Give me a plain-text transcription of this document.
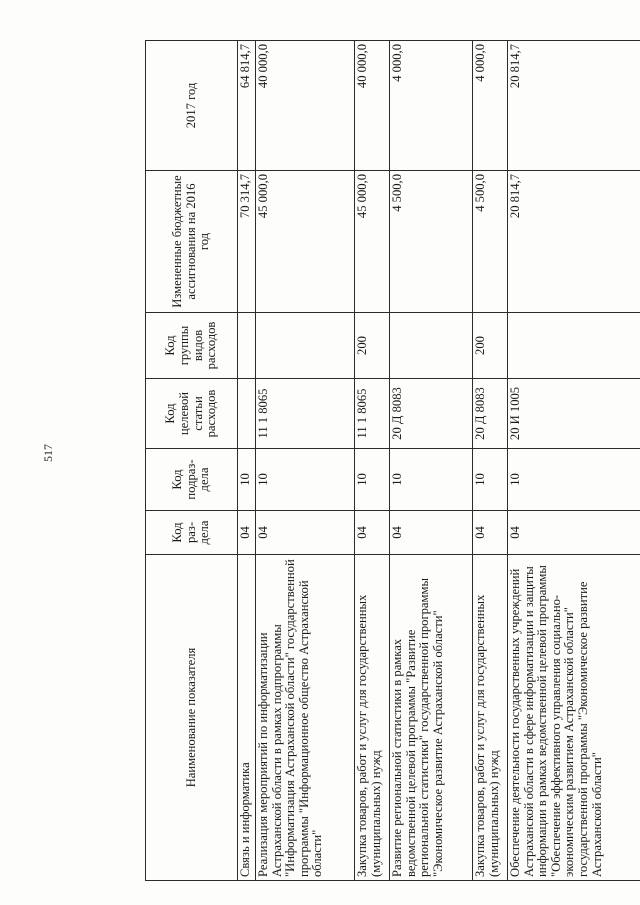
517
Наименование показателя	Код раз-дела	Код подраз-дела	Код целевой статьи расходов	Код группы видов расходов	Измененные бюджетные ассигнования на 2016 год	2017 год
Связь и информатика	04	10			70 314,7	64 814,7
Реализация мероприятий по информатизации Астраханской области в рамках подпрограммы "Информатизация Астраханской области" государственной программы "Информационное общество Астраханской области"	04	10	11 1 8065		45 000,0	40 000,0
Закупка товаров, работ и услуг для государственных (муниципальных) нужд	04	10	11 1 8065	200	45 000,0	40 000,0
Развитие региональной статистики в рамках ведомственной целевой программы "Развитие региональной статистики" государственной программы "Экономическое развитие Астраханской области"	04	10	20 Д 8083		4 500,0	4 000,0
Закупка товаров, работ и услуг для государственных (муниципальных) нужд	04	10	20 Д 8083	200	4 500,0	4 000,0
Обеспечение деятельности государственных учреждений Астраханской области в сфере информатизации и защиты информации в рамках ведомственной целевой программы "Обеспечение эффективного управления социально-экономическим развитием Астраханской области" государственной программы "Экономическое развитие Астраханской области"	04	10	20 И 1005		20 814,7	20 814,7
